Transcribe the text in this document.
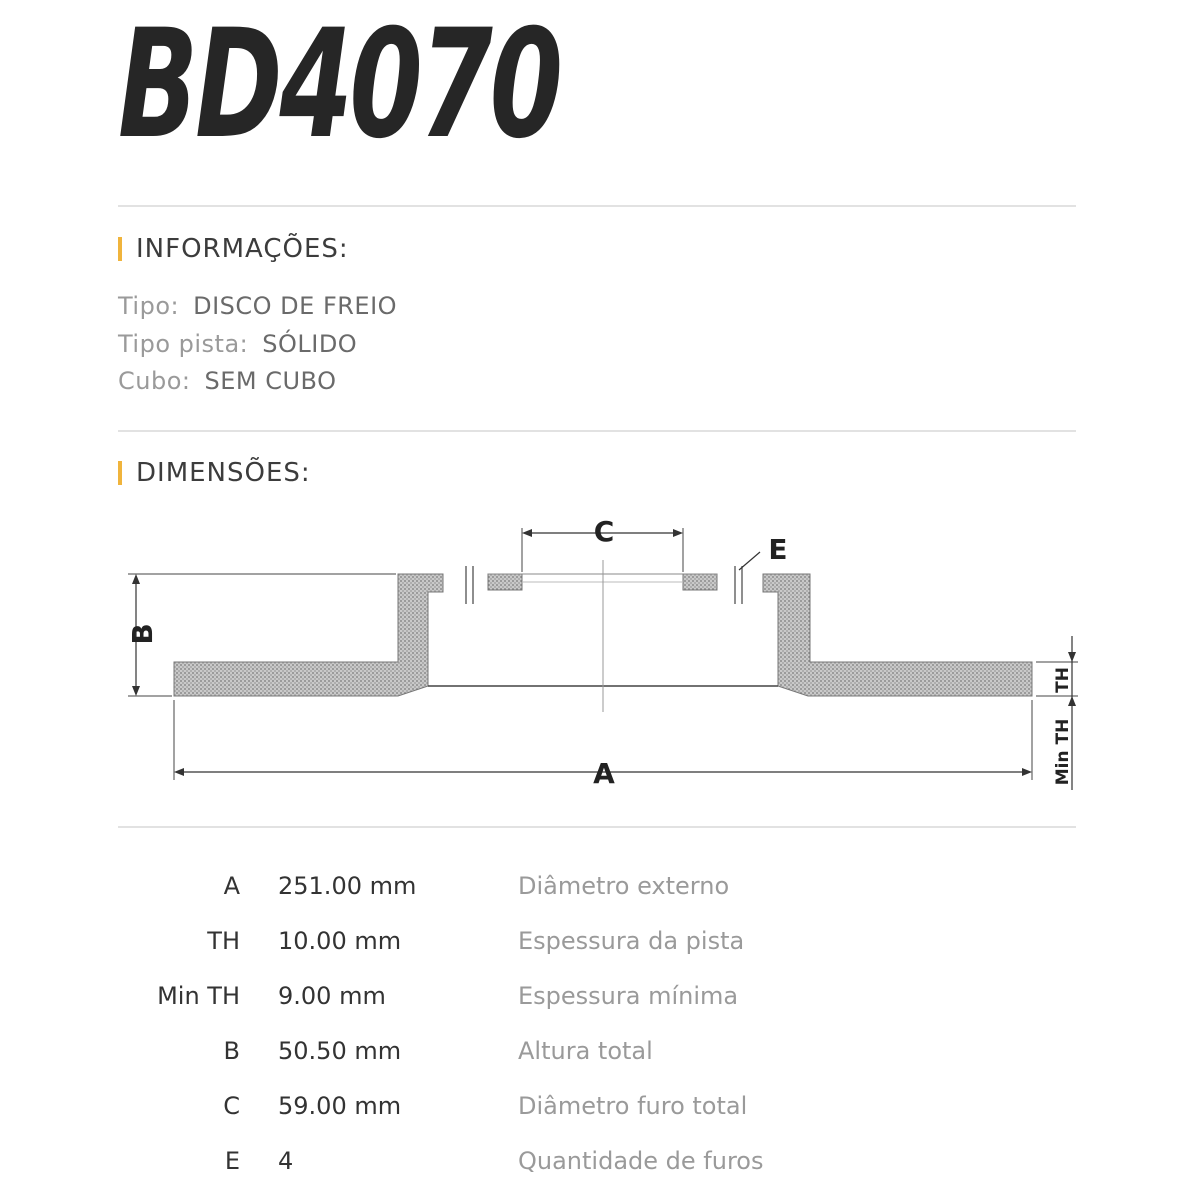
BD4070
INFORMAÇÕES:
Tipo: DISCO DE FREIO
Tipo pista: SÓLIDO
Cubo: SEM CUBO
DIMENSÕES:
C
E
B
A
TH
Min TH
A 251.00 mm	Diâmetro externo
TH 10.00 mm	Espessura da pista
Min TH 9.00 mm	Espessura mínima
B 50.50 mm	Altura total
C 59.00 mm	Diâmetro furo total
E 4	Quantidade de furos
